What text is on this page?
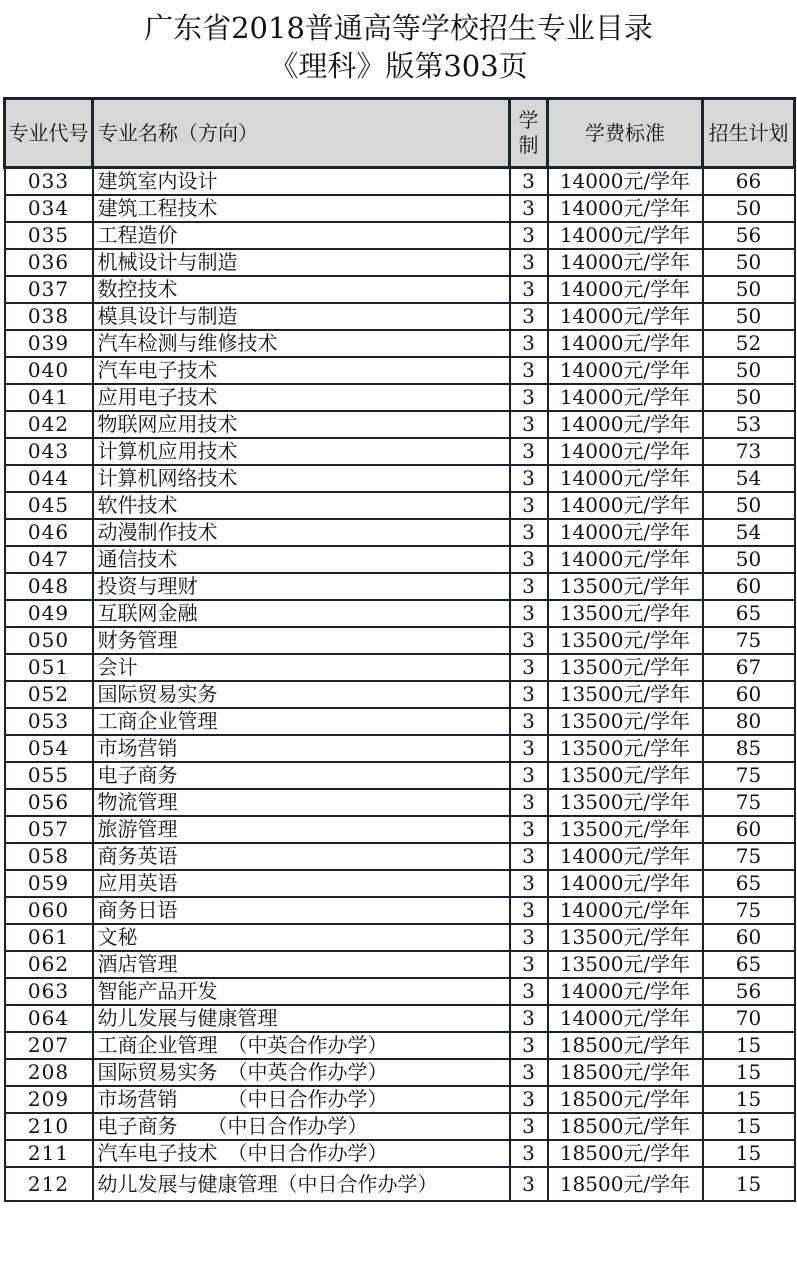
广东省2018普通高等学校招生专业目录
《理科》版第303页
专业代号	专业名称（方向）	学制	学费标准	招生计划
033	建筑室内设计	3	14000元/学年	66
034	建筑工程技术	3	14000元/学年	50
035	工程造价	3	14000元/学年	56
036	机械设计与制造	3	14000元/学年	50
037	数控技术	3	14000元/学年	50
038	模具设计与制造	3	14000元/学年	50
039	汽车检测与维修技术	3	14000元/学年	52
040	汽车电子技术	3	14000元/学年	50
041	应用电子技术	3	14000元/学年	50
042	物联网应用技术	3	14000元/学年	53
043	计算机应用技术	3	14000元/学年	73
044	计算机网络技术	3	14000元/学年	54
045	软件技术	3	14000元/学年	50
046	动漫制作技术	3	14000元/学年	54
047	通信技术	3	14000元/学年	50
048	投资与理财	3	13500元/学年	60
049	互联网金融	3	13500元/学年	65
050	财务管理	3	13500元/学年	75
051	会计	3	13500元/学年	67
052	国际贸易实务	3	13500元/学年	60
053	工商企业管理	3	13500元/学年	80
054	市场营销	3	13500元/学年	85
055	电子商务	3	13500元/学年	75
056	物流管理	3	13500元/学年	75
057	旅游管理	3	13500元/学年	60
058	商务英语	3	14000元/学年	75
059	应用英语	3	14000元/学年	65
060	商务日语	3	14000元/学年	75
061	文秘	3	13500元/学年	60
062	酒店管理	3	13500元/学年	65
063	智能产品开发	3	14000元/学年	56
064	幼儿发展与健康管理	3	14000元/学年	70
207	工商企业管理　（中英合作办学）	3	18500元/学年	15
208	国际贸易实务　（中英合作办学）	3	18500元/学年	15
209	市场营销　　　（中日合作办学）	3	18500元/学年	15
210	电子商务　　（中日合作办学）	3	18500元/学年	15
211	汽车电子技术　（中日合作办学）	3	18500元/学年	15
212	幼儿发展与健康管理（中日合作办学）	3	18500元/学年	15
